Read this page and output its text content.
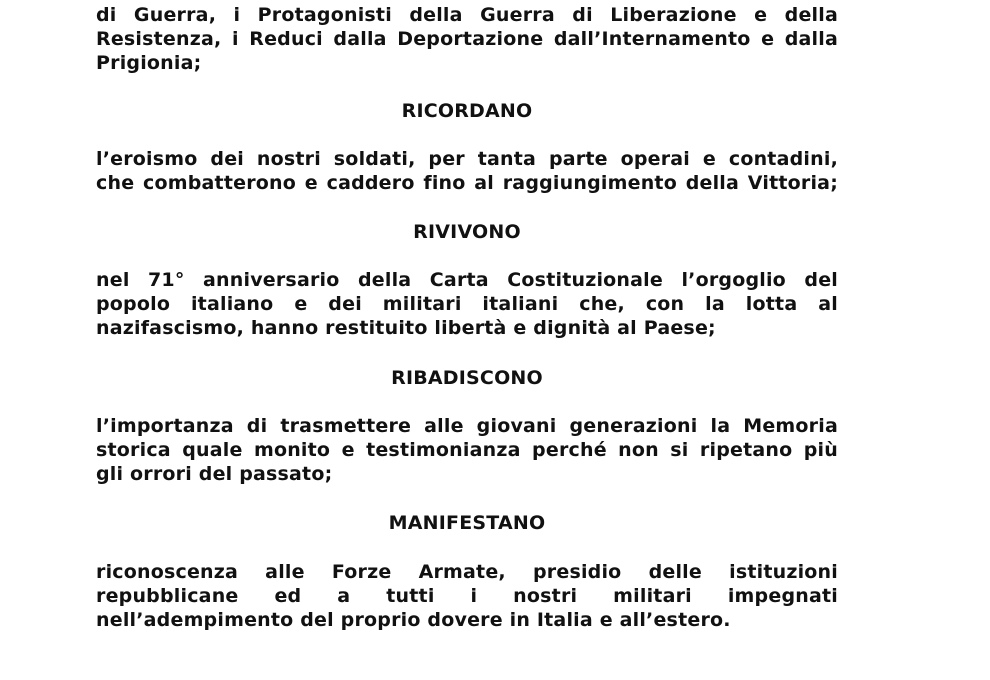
di Guerra, i Protagonisti della Guerra di Liberazione e della
Resistenza, i Reduci dalla Deportazione dall’Internamento e dalla
Prigionia;
RICORDANO
l’eroismo dei nostri soldati, per tanta parte operai e contadini,
che combatterono e caddero fino al raggiungimento della Vittoria;
RIVIVONO
nel 71° anniversario della Carta Costituzionale l’orgoglio del
popolo italiano e dei militari italiani che, con la lotta al
nazifascismo, hanno restituito libertà e dignità al Paese;
RIBADISCONO
l’importanza di trasmettere alle giovani generazioni la Memoria
storica quale monito e testimonianza perché non si ripetano più
gli orrori del passato;
MANIFESTANO
riconoscenza alle Forze Armate, presidio delle istituzioni
repubblicane ed a tutti i nostri militari impegnati
nell’adempimento del proprio dovere in Italia e all’estero.
